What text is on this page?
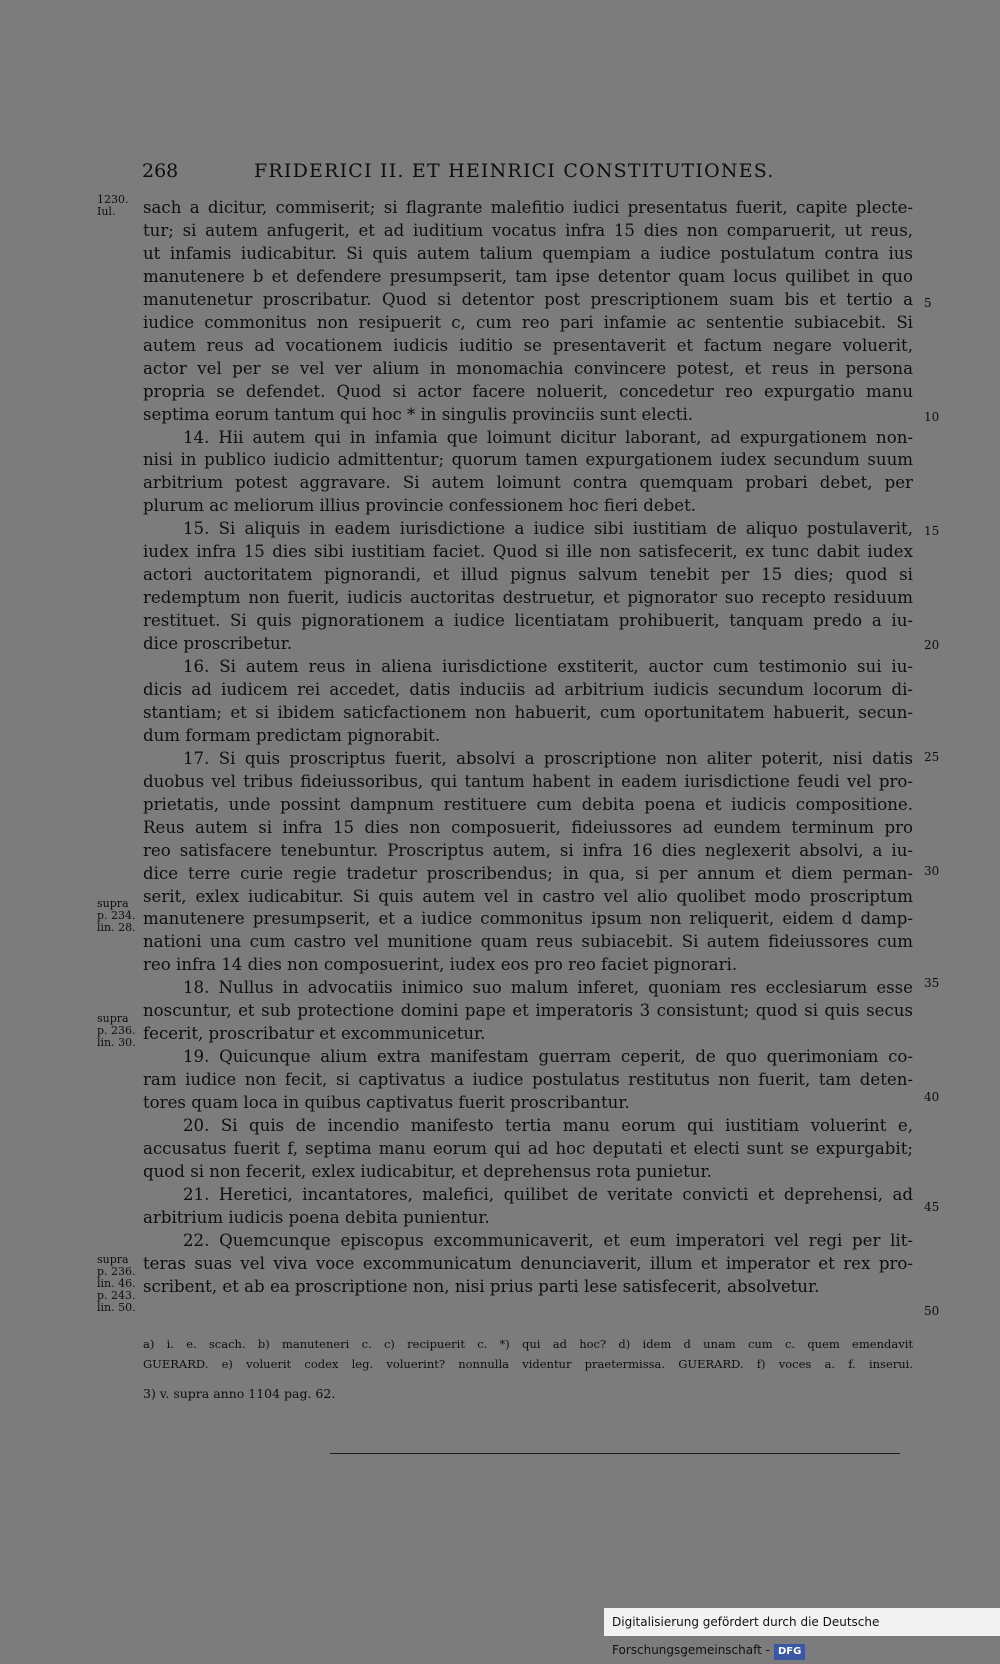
268	FRIDERICI II. ET HEINRICI CONSTITUTIONES.
1230. Iul.
supra p. 234. lin. 28.
supra p. 236. lin. 30.
supra p. 236. lin. 46. p. 243. lin. 50.
sach a dicitur, commiserit; si flagrante malefitio iudici presentatus fuerit, capite plecte-
tur; si autem anfugerit, et ad iuditium vocatus infra 15 dies non comparuerit, ut reus,
ut infamis iudicabitur. Si quis autem talium quempiam a iudice postulatum contra ius
manutenere b et defendere presumpserit, tam ipse detentor quam locus quilibet in quo
manutenetur proscribatur. Quod si detentor post prescriptionem suam bis et tertio a
iudice commonitus non resipuerit c, cum reo pari infamie ac sententie subiacebit. Si
autem reus ad vocationem iudicis iuditio se presentaverit et factum negare voluerit,
actor vel per se vel ver alium in monomachia convincere potest, et reus in persona
propria se defendet. Quod si actor facere noluerit, concedetur reo expurgatio manu
septima eorum tantum qui hoc * in singulis provinciis sunt electi.
14. Hii autem qui in infamia que loimunt dicitur laborant, ad expurgationem non-
nisi in publico iudicio admittentur; quorum tamen expurgationem iudex secundum suum
arbitrium potest aggravare. Si autem loimunt contra quemquam probari debet, per
plurum ac meliorum illius provincie confessionem hoc fieri debet.
15. Si aliquis in eadem iurisdictione a iudice sibi iustitiam de aliquo postulaverit,
iudex infra 15 dies sibi iustitiam faciet. Quod si ille non satisfecerit, ex tunc dabit iudex
actori auctoritatem pignorandi, et illud pignus salvum tenebit per 15 dies; quod si
redemptum non fuerit, iudicis auctoritas destruetur, et pignorator suo recepto residuum
restituet. Si quis pignorationem a iudice licentiatam prohibuerit, tanquam predo a iu-
dice proscribetur.
16. Si autem reus in aliena iurisdictione exstiterit, auctor cum testimonio sui iu-
dicis ad iudicem rei accedet, datis induciis ad arbitrium iudicis secundum locorum di-
stantiam; et si ibidem saticfactionem non habuerit, cum oportunitatem habuerit, secun-
dum formam predictam pignorabit.
17. Si quis proscriptus fuerit, absolvi a proscriptione non aliter poterit, nisi datis
duobus vel tribus fideiussoribus, qui tantum habent in eadem iurisdictione feudi vel pro-
prietatis, unde possint dampnum restituere cum debita poena et iudicis compositione.
Reus autem si infra 15 dies non composuerit, fideiussores ad eundem terminum pro
reo satisfacere tenebuntur. Proscriptus autem, si infra 16 dies neglexerit absolvi, a iu-
dice terre curie regie tradetur proscribendus; in qua, si per annum et diem perman-
serit, exlex iudicabitur. Si quis autem vel in castro vel alio quolibet modo proscriptum
manutenere presumpserit, et a iudice commonitus ipsum non reliquerit, eidem d damp-
nationi una cum castro vel munitione quam reus subiacebit. Si autem fideiussores cum
reo infra 14 dies non composuerint, iudex eos pro reo faciet pignorari.
18. Nullus in advocatiis inimico suo malum inferet, quoniam res ecclesiarum esse
noscuntur, et sub protectione domini pape et imperatoris 3 consistunt; quod si quis secus
fecerit, proscribatur et excommunicetur.
19. Quicunque alium extra manifestam guerram ceperit, de quo querimoniam co-
ram iudice non fecit, si captivatus a iudice postulatus restitutus non fuerit, tam deten-
tores quam loca in quibus captivatus fuerit proscribantur.
20. Si quis de incendio manifesto tertia manu eorum qui iustitiam voluerint e,
accusatus fuerit f, septima manu eorum qui ad hoc deputati et electi sunt se expurgabit;
quod si non fecerit, exlex iudicabitur, et deprehensus rota punietur.
21. Heretici, incantatores, malefici, quilibet de veritate convicti et deprehensi, ad
arbitrium iudicis poena debita punientur.
22. Quemcunque episcopus excommunicaverit, et eum imperatori vel regi per lit-
teras suas vel viva voce excommunicatum denunciaverit, illum et imperator et rex pro-
scribent, et ab ea proscriptione non, nisi prius parti lese satisfecerit, absolvetur.
5
10
15
20
25
30
35
40
45
50
a) i. e. scach. b) manuteneri c. c) recipuerit c. *) qui ad hoc? d) idem d unam cum c. quem emendavit
GUERARD. e) voluerit codex leg. voluerint? nonnulla videntur praetermissa. GUERARD. f) voces a. f. inserui.
3) v. supra anno 1104 pag. 62.
Digitalisierung gefördert durch die Deutsche Forschungsgemeinschaft - DFG
